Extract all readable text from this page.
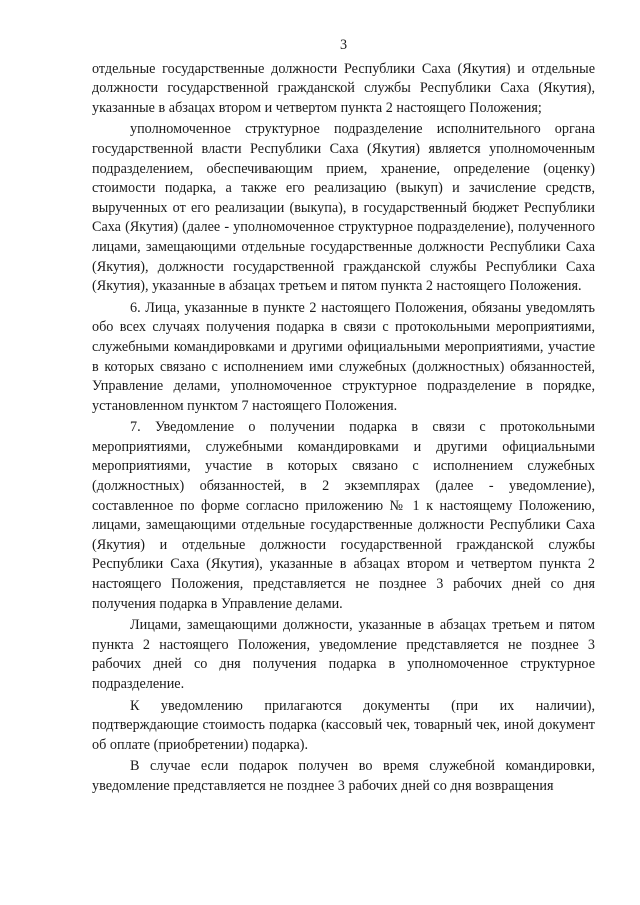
3

отдельные государственные должности Республики Саха (Якутия) и отдельные должности государственной гражданской службы Республики Саха (Якутия), указанные в абзацах втором и четвертом пункта 2 настоящего Положения;

уполномоченное структурное подразделение исполнительного органа государственной власти Республики Саха (Якутия) является уполномоченным подразделением, обеспечивающим прием, хранение, определение (оценку) стоимости подарка, а также его реализацию (выкуп) и зачисление средств, вырученных от его реализации (выкупа), в государственный бюджет Республики Саха (Якутия) (далее - уполномоченное структурное подразделение), полученного лицами, замещающими отдельные государственные должности Республики Саха (Якутия), должности государственной гражданской службы Республики Саха (Якутия), указанные в абзацах третьем и пятом пункта 2 настоящего Положения.

6. Лица, указанные в пункте 2 настоящего Положения, обязаны уведомлять обо всех случаях получения подарка в связи с протокольными мероприятиями, служебными командировками и другими официальными мероприятиями, участие в которых связано с исполнением ими служебных (должностных) обязанностей, Управление делами, уполномоченное структурное подразделение в порядке, установленном пунктом 7 настоящего Положения.

7. Уведомление о получении подарка в связи с протокольными мероприятиями, служебными командировками и другими официальными мероприятиями, участие в которых связано с исполнением служебных (должностных) обязанностей, в 2 экземплярах (далее - уведомление), составленное по форме согласно приложению № 1 к настоящему Положению, лицами, замещающими отдельные государственные должности Республики Саха (Якутия) и отдельные должности государственной гражданской службы Республики Саха (Якутия), указанные в абзацах втором и четвертом пункта 2 настоящего Положения, представляется не позднее 3 рабочих дней со дня получения подарка в Управление делами.

Лицами, замещающими должности, указанные в абзацах третьем и пятом пункта 2 настоящего Положения, уведомление представляется не позднее 3 рабочих дней со дня получения подарка в уполномоченное структурное подразделение.

К уведомлению прилагаются документы (при их наличии), подтверждающие стоимость подарка (кассовый чек, товарный чек, иной документ об оплате (приобретении) подарка).

В случае если подарок получен во время служебной командировки, уведомление представляется не позднее 3 рабочих дней со дня возвращения
